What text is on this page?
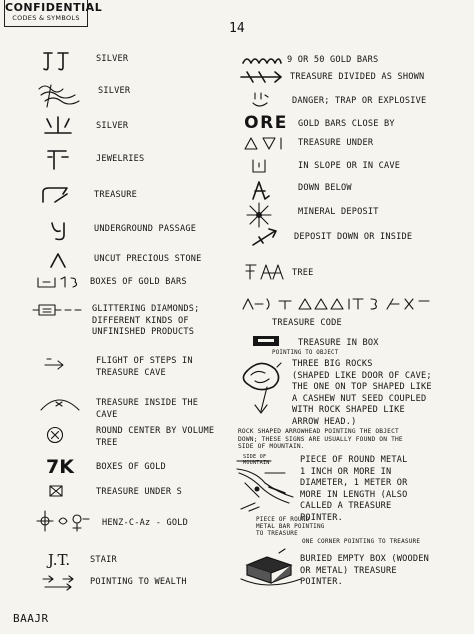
CONFIDENTIAL
CODES & SYMBOLS
14
SILVER
SILVER
SILVER
JEWELRIES
TREASURE
UNDERGROUND PASSAGE
UNCUT PRECIOUS STONE
BOXES OF GOLD BARS
GLITTERING DIAMONDS;
DIFFERENT KINDS OF
UNFINISHED PRODUCTS
FLIGHT OF STEPS IN
TREASURE CAVE
TREASURE INSIDE THE
CAVE
ROUND CENTER BY VOLUME
TREE
7K	BOXES OF GOLD
TREASURE UNDER S
HENZ-C-Az - GOLD
J.T.	STAIR
POINTING TO WEALTH
9 OR 50 GOLD BARS
TREASURE DIVIDED AS SHOWN
DANGER; TRAP OR EXPLOSIVE
ORE	GOLD BARS CLOSE BY
TREASURE UNDER
IN SLOPE OR IN CAVE
DOWN BELOW
MINERAL DEPOSIT
DEPOSIT DOWN OR INSIDE
TREE
TREASURE CODE
TREASURE IN BOX
POINTING TO OBJECT
THREE BIG ROCKS
(SHAPED LIKE DOOR OF CAVE;
THE ONE ON TOP SHAPED LIKE
A CASHEW NUT SEED COUPLED
WITH ROCK SHAPED LIKE
ARROW HEAD.)
ROCK SHAPED ARROWHEAD POINTING THE OBJECT
DOWN; THESE SIGNS ARE USUALLY FOUND ON THE
SIDE OF MOUNTAIN.
SIDE OF
MOUNTAIN	PIECE OF ROUND METAL
1 INCH OR MORE IN
DIAMETER, 1 METER OR
MORE IN LENGTH (ALSO
CALLED A TREASURE
POINTER.
PIECE OF ROUND
METAL BAR POINTING
TO TREASURE
ONE CORNER POINTING TO TREASURE
BURIED EMPTY BOX (WOODEN
OR METAL) TREASURE
POINTER.
BAAJR
